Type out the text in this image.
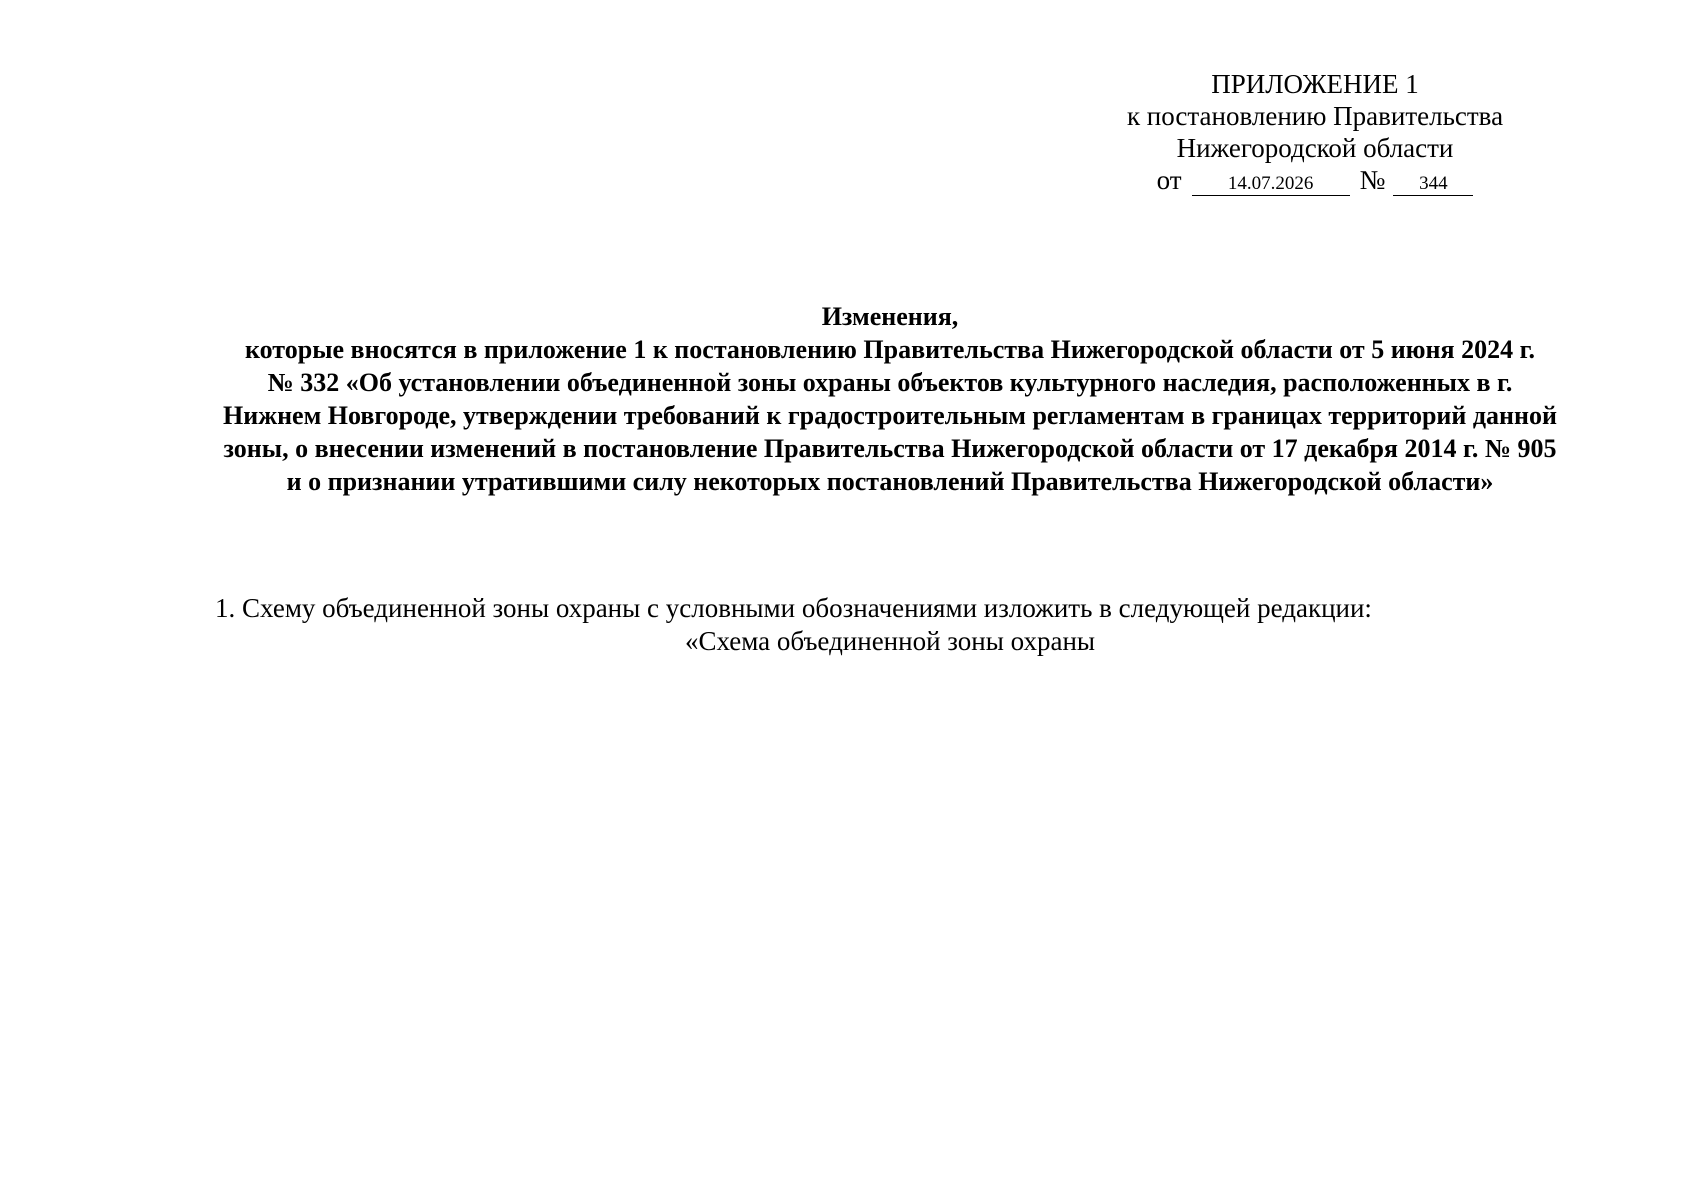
ПРИЛОЖЕНИЕ 1
к постановлению Правительства
Нижегородской области
от	14.07.2026	№	344
Изменения,
которые вносятся в приложение 1 к постановлению Правительства Нижегородской области от 5 июня 2024 г.
№ 332 «Об установлении объединенной зоны охраны объектов культурного наследия, расположенных в г.
Нижнем Новгороде, утверждении требований к градостроительным регламентам в границах территорий данной
зоны, о внесении изменений в постановление Правительства Нижегородской области от 17 декабря 2014 г. № 905
и о признании утратившими силу некоторых постановлений Правительства Нижегородской области»
1. Схему объединенной зоны охраны с условными обозначениями изложить в следующей редакции:
«Схема объединенной зоны охраны
